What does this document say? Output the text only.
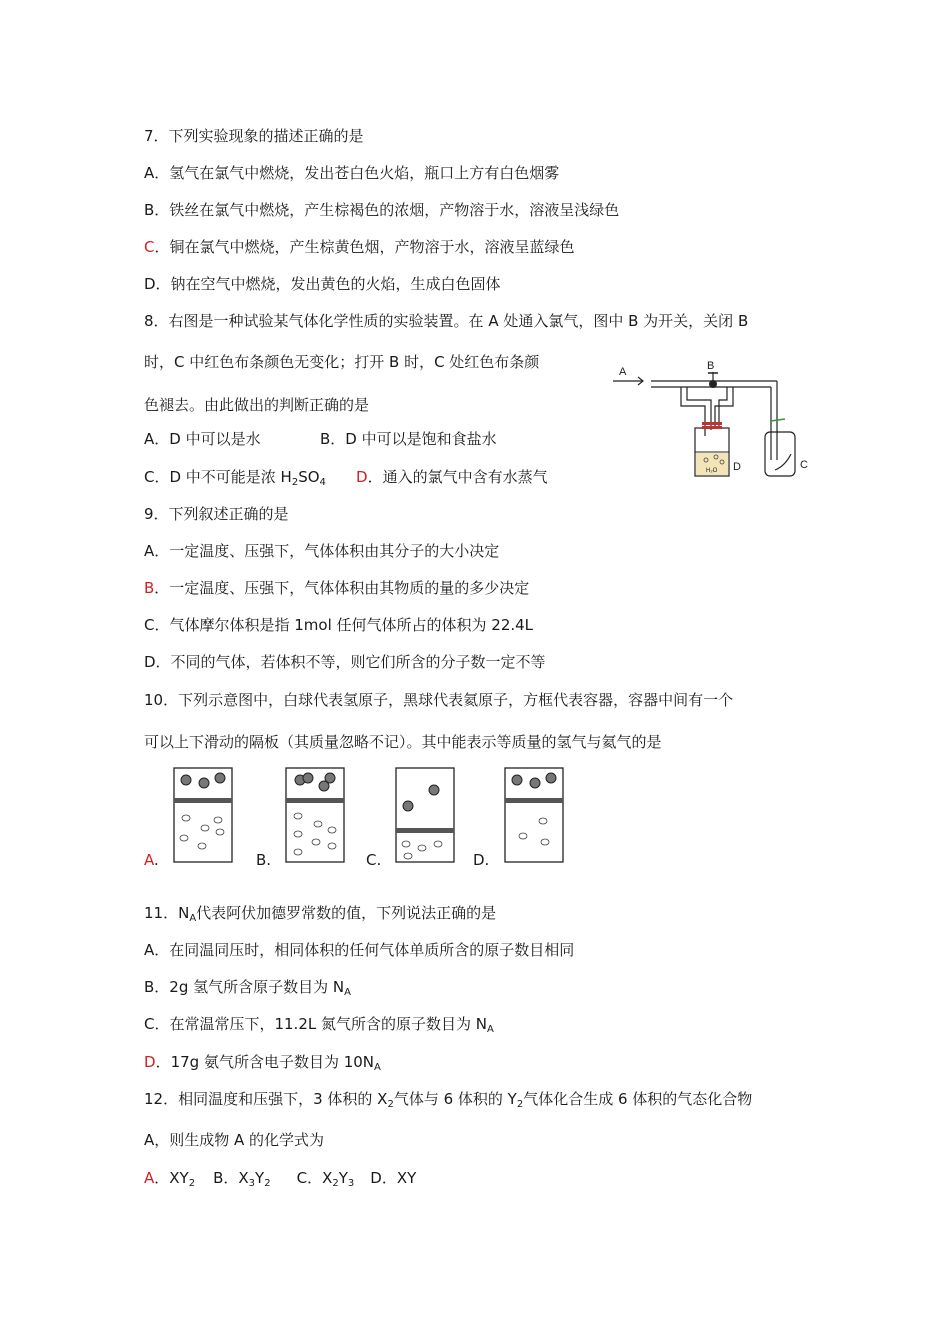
7．下列实验现象的描述正确的是
A．氢气在氯气中燃烧，发出苍白色火焰，瓶口上方有白色烟雾
B．铁丝在氯气中燃烧，产生棕褐色的浓烟，产物溶于水，溶液呈浅绿色
C．铜在氯气中燃烧，产生棕黄色烟，产物溶于水，溶液呈蓝绿色
D．钠在空气中燃烧，发出黄色的火焰，生成白色固体
8．右图是一种试验某气体化学性质的实验装置。在 A 处通入氯气，图中 B 为开关，关闭 B
时，C 中红色布条颜色无变化；打开 B 时，C 处红色布条颜
色褪去。由此做出的判断正确的是
A．D 中可以是水	B．D 中可以是饱和食盐水
C．D 中不可能是浓 $H_2SO_4$ D．通入的氯气中含有水蒸气
A	B
D	C
H₂O
9．下列叙述正确的是
A．一定温度、压强下，气体体积由其分子的大小决定
B．一定温度、压强下，气体体积由其物质的量的多少决定
C．气体摩尔体积是指 1mol 任何气体所占的体积为 22.4L
D．不同的气体，若体积不等，则它们所含的分子数一定不等
10．下列示意图中，白球代表氢原子，黑球代表氦原子，方框代表容器，容器中间有一个
可以上下滑动的隔板（其质量忽略不记）。其中能表示等质量的氢气与氦气的是
A.	B.	C.	D.
11．$N_A$代表阿伏加德罗常数的值，下列说法正确的是
A．在同温同压时，相同体积的任何气体单质所含的原子数目相同
B．2g 氢气所含原子数目为 $N_A$
C．在常温常压下，11.2L 氮气所含的原子数目为 $N_A$
D．17g 氨气所含电子数目为 $10N_A$
12．相同温度和压强下，3 体积的 $X_2$气体与 6 体积的 $Y_2$气体化合生成 6 体积的气态化合物
A，则生成物 A 的化学式为
A．$XY_2$ B．$X_3Y_2$ C．$X_2Y_3$ D．XY
